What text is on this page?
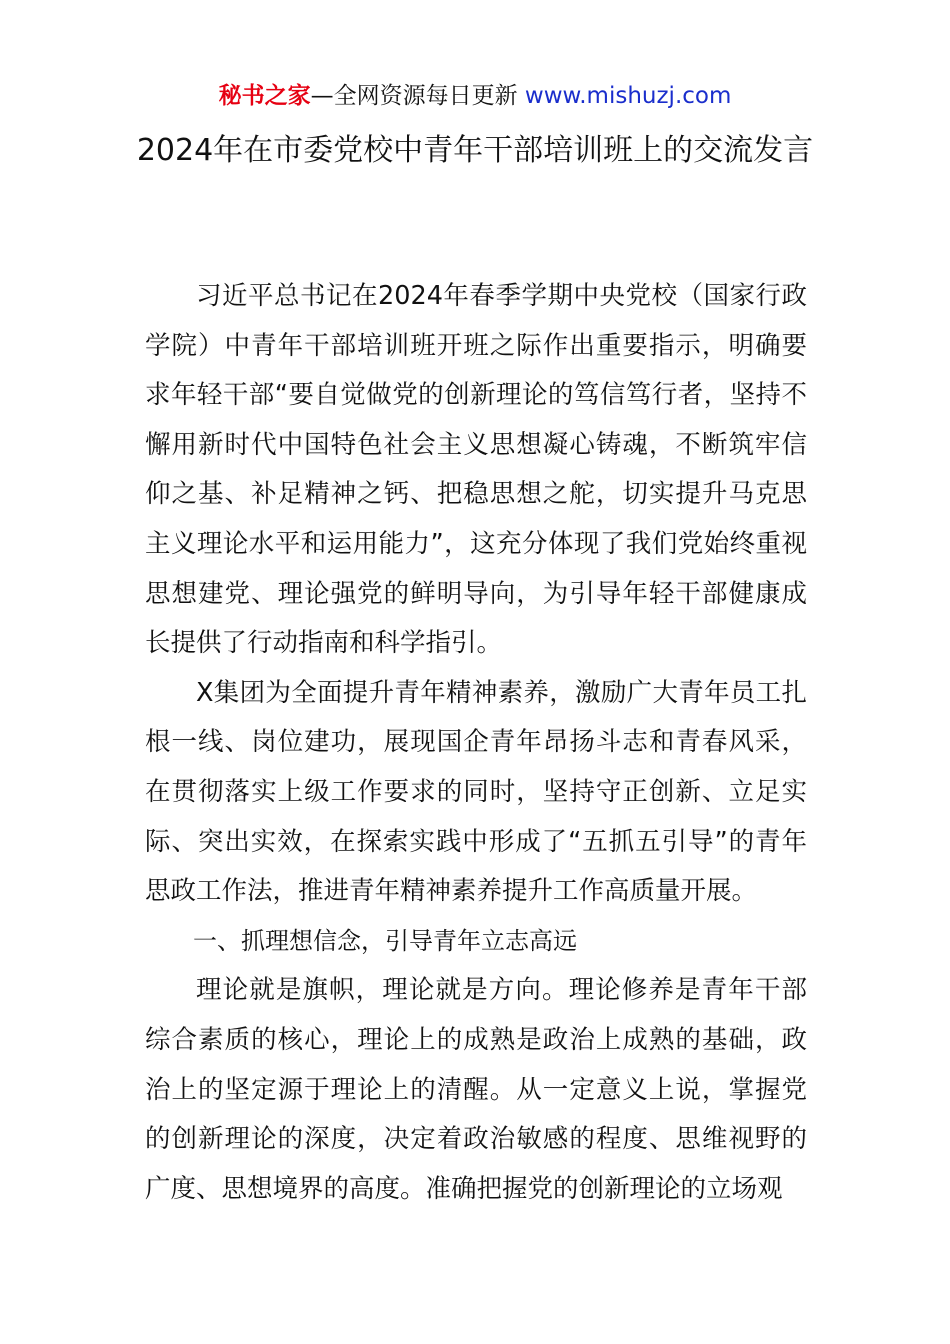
秘书之家—全网资源每日更新 www.mishuzj.com
2024年在市委党校中青年干部培训班上的交流发言

习近平总书记在2024年春季学期中央党校（国家行政学院）中青年干部培训班开班之际作出重要指示，明确要求年轻干部“要自觉做党的创新理论的笃信笃行者，坚持不懈用新时代中国特色社会主义思想凝心铸魂，不断筑牢信仰之基、补足精神之钙、把稳思想之舵，切实提升马克思主义理论水平和运用能力”，这充分体现了我们党始终重视思想建党、理论强党的鲜明导向，为引导年轻干部健康成长提供了行动指南和科学指引。

X集团为全面提升青年精神素养，激励广大青年员工扎根一线、岗位建功，展现国企青年昂扬斗志和青春风采，在贯彻落实上级工作要求的同时，坚持守正创新、立足实际、突出实效，在探索实践中形成了“五抓五引导”的青年思政工作法，推进青年精神素养提升工作高质量开展。

一、抓理想信念，引导青年立志高远

理论就是旗帜，理论就是方向。理论修养是青年干部综合素质的核心，理论上的成熟是政治上成熟的基础，政治上的坚定源于理论上的清醒。从一定意义上说，掌握党的创新理论的深度，决定着政治敏感的程度、思维视野的广度、思想境界的高度。准确把握党的创新理论的立场观
